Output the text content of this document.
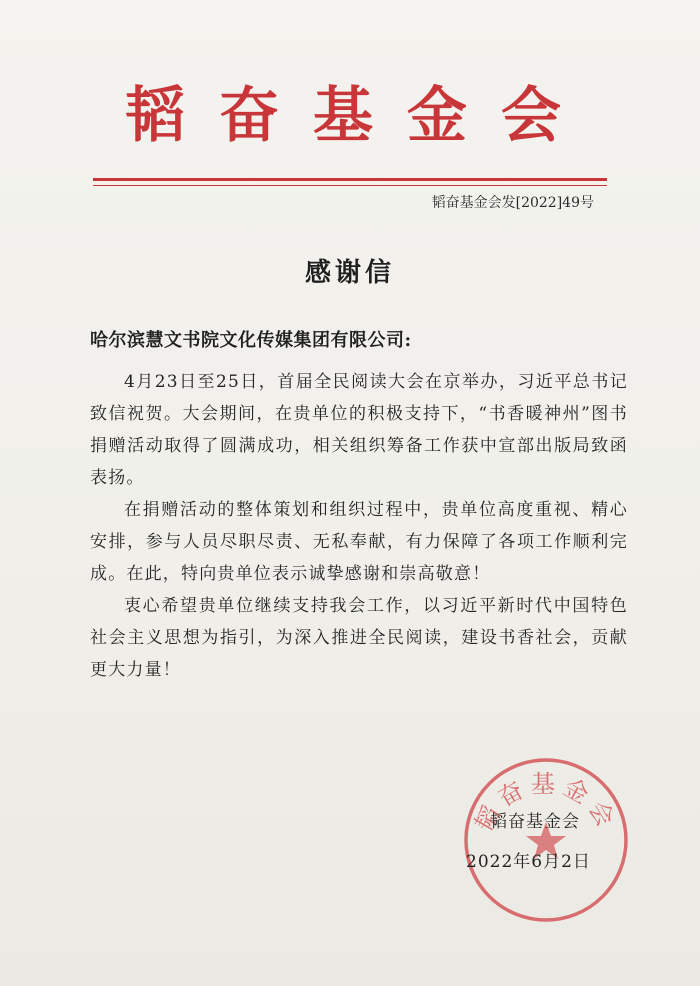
韬奋基金会
韬奋基金会发[2022]49号
感谢信
哈尔滨慧文书院文化传媒集团有限公司:

4月23日至25日，首届全民阅读大会在京举办，习近平总书记致信祝贺。大会期间，在贵单位的积极支持下，“书香暖神州”图书捐赠活动取得了圆满成功，相关组织筹备工作获中宣部出版局致函表扬。

在捐赠活动的整体策划和组织过程中，贵单位高度重视、精心安排，参与人员尽职尽责、无私奉献，有力保障了各项工作顺利完成。在此，特向贵单位表示诚挚感谢和崇高敬意！

衷心希望贵单位继续支持我会工作，以习近平新时代中国特色社会主义思想为指引，为深入推进全民阅读，建设书香社会，贡献更大力量！

韬奋基金会
韬奋基金会
2022年6月2日
